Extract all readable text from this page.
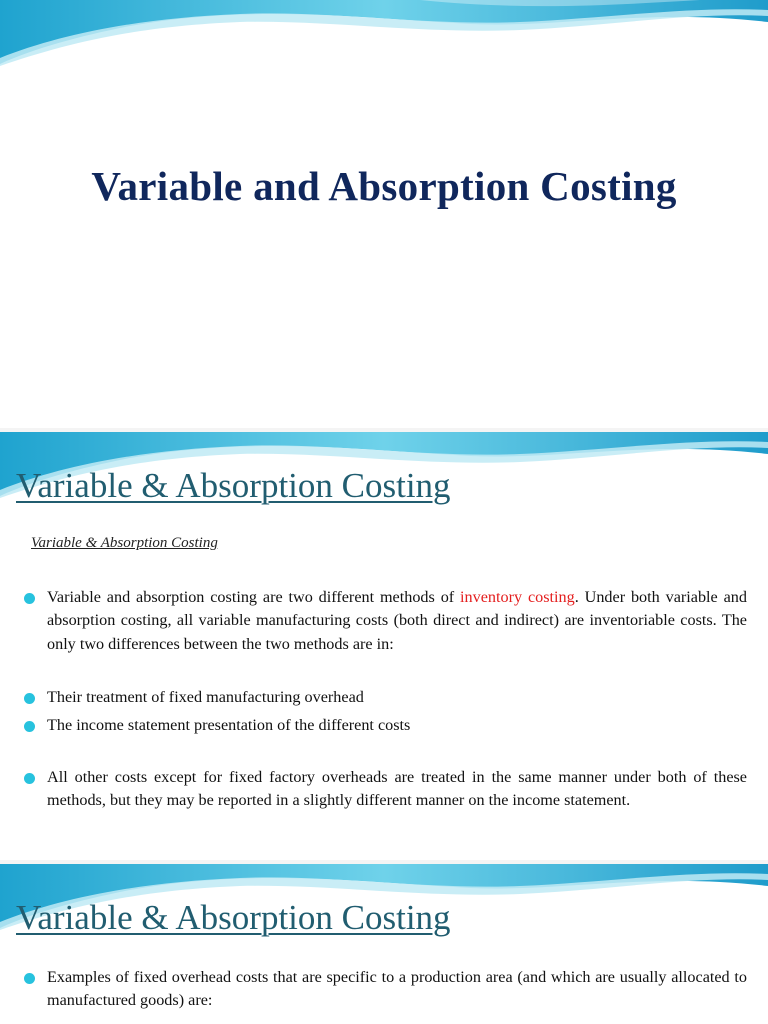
Variable and Absorption Costing
Variable & Absorption Costing
Variable & Absorption Costing
Variable and absorption costing are two different methods of inventory costing. Under both variable and absorption costing, all variable manufacturing costs (both direct and indirect) are inventoriable costs. The only two differences between the two methods are in:
Their treatment of fixed manufacturing overhead
The income statement presentation of the different costs
All other costs except for fixed factory overheads are treated in the same manner under both of these methods, but they may be reported in a slightly different manner on the income statement.
Variable & Absorption Costing
Examples of fixed overhead costs that are specific to a production area (and which are usually allocated to manufactured goods) are:
